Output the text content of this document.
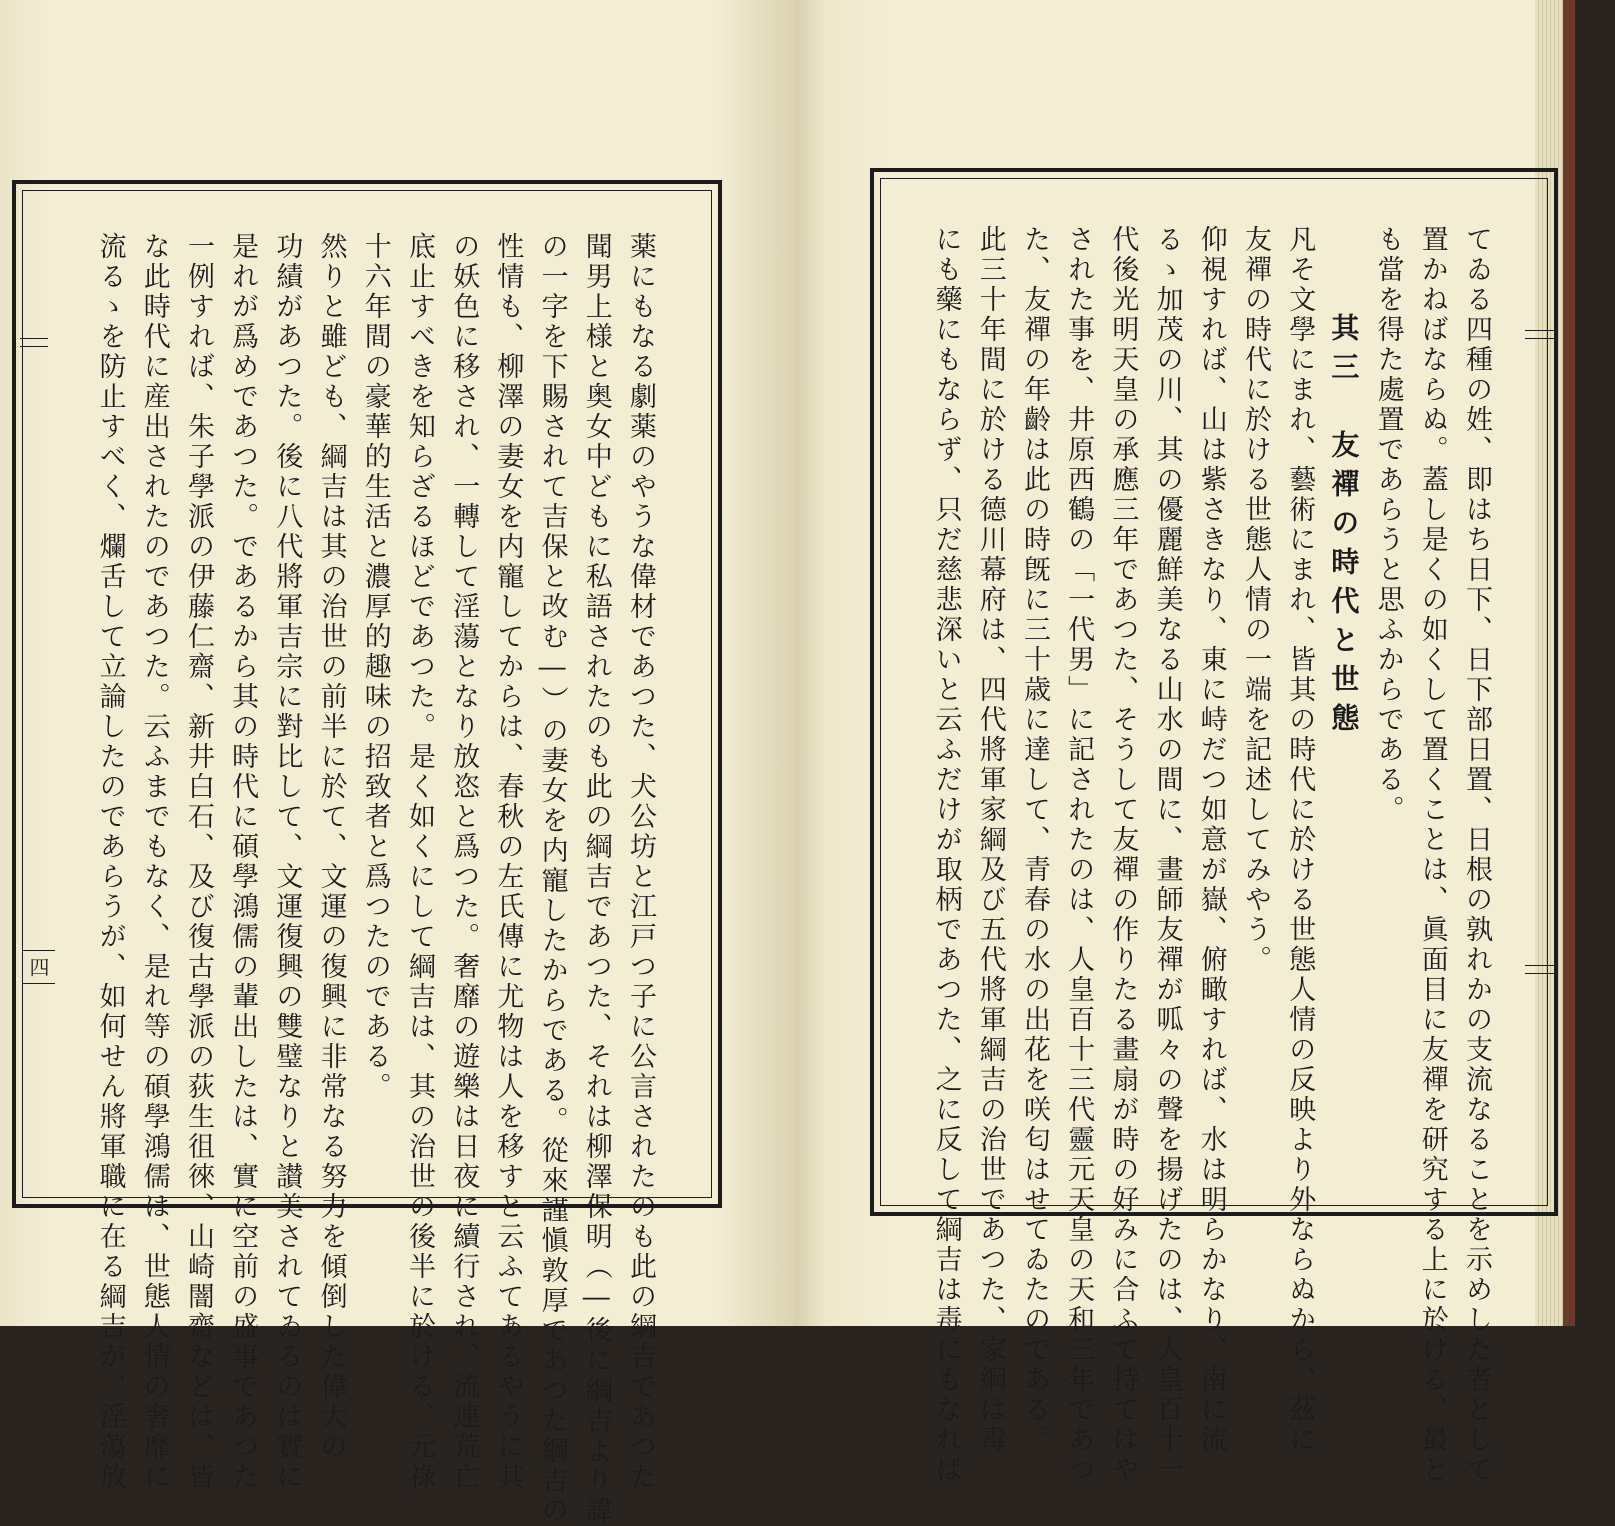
四	薬にもなる劇薬のやうな偉材であつた、犬公坊と江戸つ子に公言されたのも此の綱吉であつた
聞男上様と奥女中どもに私語されたのも此の綱吉であつた、それは柳澤保明（―後に綱吉より諱
の一字を下賜されて吉保と改む―）の妻女を内寵したからである。從來謹愼敦厚であつた綱吉の
性情も、柳澤の妻女を内寵してからは、春秋の左氏傳に尤物は人を移すと云ふてあるやうに其
の妖色に移され、一轉して淫蕩となり放恣と爲つた。奢靡の遊樂は日夜に續行され、流連荒亡
底止すべきを知らざるほどであつた。是く如くにして綱吉は、其の治世の後半に於ける、元祿
十六年間の豪華的生活と濃厚的趣味の招致者と爲つたのである。
然りと雖ども、綱吉は其の治世の前半に於て、文運の復興に非常なる努力を傾倒した偉大の
功績があつた。後に八代將軍吉宗に對比して、文運復興の雙璧なりと讃美されてゐるのは實に
是れが爲めであつた。であるから其の時代に碩學鴻儒の輩出したは、實に空前の盛事であつた
一例すれば、朱子學派の伊藤仁齋、新井白石、及び復古學派の荻生徂徠、山崎闇齋などは、皆
な此時代に産出されたのであつた。云ふまでもなく、是れ等の碩學鴻儒は、世態人情の奢靡に
流るゝを防止すべく、爛舌して立論したのであらうが、如何せん將軍職に在る綱吉が、淫蕩放	てゐる四種の姓、即はち日下、日下部日置、日根の孰れかの支流なることを示めした者として
置かねばならぬ。蓋し是くの如くして置くことは、眞面目に友禪を研究する上に於ける、最と
も當を得た處置であらうと思ふからである。
其三　友禪の時代と世態
凡そ文學にまれ、藝術にまれ、皆其の時代に於ける世態人情の反映より外ならぬから、茲に
友禪の時代に於ける世態人情の一端を記述してみやう。
仰視すれば、山は紫さきなり、東に峙だつ如意が嶽、俯瞰すれば、水は明らかなり、南に流
るゝ加茂の川、其の優麗鮮美なる山水の間に、畫師友禪が呱々の聲を揚げたのは、人皇百十一
代後光明天皇の承應三年であつた、そうして友禪の作りたる畫扇が時の好みに合ふて持てはや
された事を、井原西鶴の「一代男」に記されたのは、人皇百十三代靈元天皇の天和三年であつ
た、友禪の年齡は此の時旣に三十歳に達して、青春の水の出花を咲匂はせてゐたのである。
此三十年間に於ける德川幕府は、四代將軍家綱及び五代將軍綱吉の治世であつた、家綱は毒
にも藥にもならず、只だ慈悲深いと云ふだけが取柄であつた、之に反して綱吉は毒にもなれば
